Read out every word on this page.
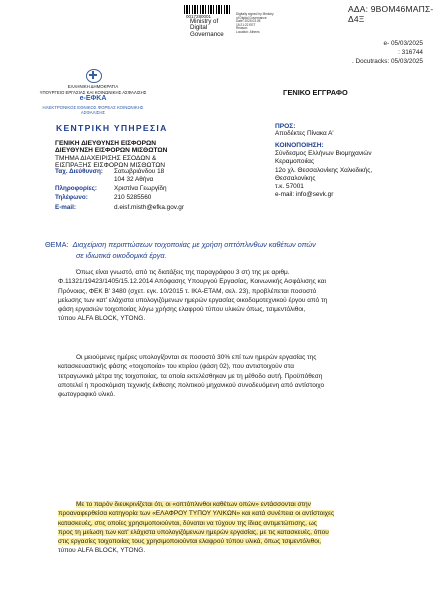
0017280001
Ministry of
Digital
Governance
Digitally signed by Ministry
of Digital Governance
Date: 2025.03.05
15:21:22 EET
Reason:
Location: Athens
ΑΔΑ: 9ΒΟΜ46ΜΑΠΣ-Δ4Ξ
e- 05/03/2025
: 316744
. Docutracks: 05/03/2025
ΕΛΛΗΝΙΚΗ ΔΗΜΟΚΡΑΤΙΑ
ΥΠΟΥΡΓΕΙΟ ΕΡΓΑΣΙΑΣ ΚΑΙ ΚΟΙΝΩΝΙΚΗΣ ΑΣΦΑΛΙΣΗΣ
e-ΕΦΚΑ
ΗΛΕΚΤΡΟΝΙΚΟΣ ΕΘΝΙΚΟΣ ΦΟΡΕΑΣ ΚΟΙΝΩΝΙΚΗΣ ΑΣΦΑΛΙΣΗΣ
ΚΕΝΤΡΙΚΗ ΥΠΗΡΕΣΙΑ
ΓΕΝΙΚΗ ΔΙΕΥΘΥΝΣΗ ΕΙΣΦΟΡΩΝ
ΔΙΕΥΘΥΝΣΗ ΕΙΣΦΟΡΩΝ ΜΙΣΘΩΤΩΝ
ΤΜΗΜΑ ΔΙΑΧΕΙΡΙΣΗΣ ΕΣΟΔΩΝ &
ΕΙΣΠΡΑΞΗΣ ΕΙΣΦΟΡΩΝ ΜΙΣΘΩΤΩΝ
Ταχ. Διεύθυνση: Σατωβριάνδου 18
104 32 Αθήνα
Πληροφορίες:	Χριστίνα Γεωργίδη
Τηλέφωνο:	210 5285560
E-mail:	d.eisf.misth@efka.gov.gr
ΓΕΝΙΚΟ ΕΓΓΡΑΦΟ
ΠΡΟΣ:
Αποδέκτες Πίνακα Α'
ΚΟΙΝΟΠΟΙΗΣΗ:
Σύνδεσμος Ελλήνων Βιομηχανιών
Κεραμοποιίας
12ο χλ. Θεσσαλονίκης Χαλκιδικής,
Θεσσαλονίκης
τ.κ. 57001
e-mail: info@sevk.gr
ΘΕΜΑ: Διαχείριση περιπτώσεων τοιχοποιίας με χρήση οπτόπλινθων καθέτων οπών
σε ιδιωτικά οικοδομικά έργα.
Όπως είναι γνωστό, από τις διατάξεις της παραγράφου 3 στ) της με αριθμ.
Φ.11321/19423/1405/15.12.2014 Απόφασης Υπουργού Εργασίας, Κοινωνικής Ασφάλισης και
Πρόνοιας, ΦΕΚ Β' 3480 (σχετ. εγκ. 10/2015 τ. ΙΚΑ-ΕΤΑΜ, σελ. 23), προβλέπεται ποσοστό
μείωσης των κατ' ελάχιστα υπολογιζόμενων ημερών εργασίας οικοδομοτεχνικού έργου από τη
φάση εργασιών τοιχοποιίας λόγω χρήσης ελαφρού τύπου υλικών όπως, τσιμεντόλιθοι,
τύπου ALFA BLOCK, YTONG.
Οι μειούμενες ημέρες υπολογίζονται σε ποσοστό 30% επί των ημερών εργασίας της
κατασκευαστικής φάσης «τοιχοποιία» του κτιρίου (φάση 02), που αντιστοιχούν στα
τετραγωνικά μέτρα της τοιχοποιίας, τα οποία εκτελέσθηκαν με τη μέθοδο αυτή. Προϋπόθεση
αποτελεί η προσκόμιση τεχνικής έκθεσης πολιτικού μηχανικού συνοδευόμενη από αντίστοιχο
φωτογραφικό υλικό.
Με το παρόν διευκρινίζεται ότι, οι «οπτόπλινθοι καθέτων οπών» εντάσσονται στην
προαναφερθείσα κατηγορία των «ΕΛΑΦΡΟΥ ΤΥΠΟΥ ΥΛΙΚΩΝ» και κατά συνέπεια οι αντίστοιχες
κατασκευές, στις οποίες χρησιμοποιούνται, δύναται να τύχουν της ίδιας αντιμετώπισης, ως
προς τη μείωση των κατ' ελάχιστα υπολογιζόμενων ημερών εργασίας, με τις κατασκευές, όπου
στις εργασίες τοιχοποιίας τους χρησιμοποιούνται ελαφρού τύπου υλικά, όπως τσιμεντόλιθοι,
τύπου ALFA BLOCK, YTONG.
